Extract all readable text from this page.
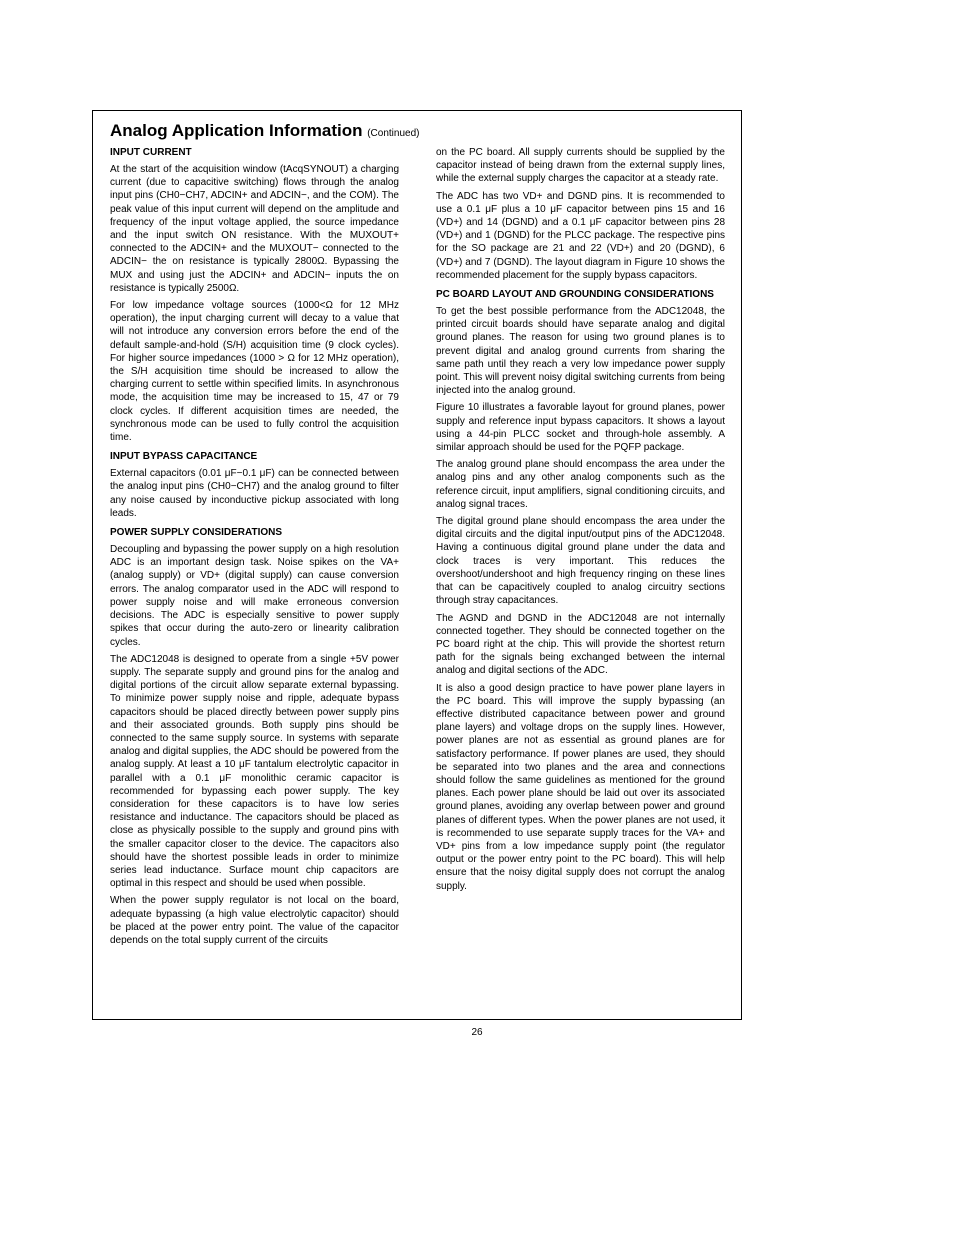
Analog Application Information (Continued)
INPUT CURRENT

At the start of the acquisition window (tAcqSYNOUT) a charging current (due to capacitive switching) flows through the analog input pins (CH0−CH7, ADCIN+ and ADCIN−, and the COM). The peak value of this input current will depend on the amplitude and frequency of the input voltage applied, the source impedance and the input switch ON resistance. With the MUXOUT+ connected to the ADCIN+ and the MUXOUT− connected to the ADCIN− the on resistance is typically 2800Ω. Bypassing the MUX and using just the ADCIN+ and ADCIN− inputs the on resistance is typically 2500Ω.

For low impedance voltage sources (1000<Ω for 12 MHz operation), the input charging current will decay to a value that will not introduce any conversion errors before the end of the default sample-and-hold (S/H) acquisition time (9 clock cycles). For higher source impedances (1000 > Ω for 12 MHz operation), the S/H acquisition time should be increased to allow the charging current to settle within specified limits. In asynchronous mode, the acquisition time may be increased to 15, 47 or 79 clock cycles. If different acquisition times are needed, the synchronous mode can be used to fully control the acquisition time.

INPUT BYPASS CAPACITANCE

External capacitors (0.01 μF−0.1 μF) can be connected between the analog input pins (CH0−CH7) and the analog ground to filter any noise caused by inconductive pickup associated with long leads.

POWER SUPPLY CONSIDERATIONS

Decoupling and bypassing the power supply on a high resolution ADC is an important design task. Noise spikes on the VA+ (analog supply) or VD+ (digital supply) can cause conversion errors. The analog comparator used in the ADC will respond to power supply noise and will make erroneous conversion decisions. The ADC is especially sensitive to power supply spikes that occur during the auto-zero or linearity calibration cycles.

The ADC12048 is designed to operate from a single +5V power supply. The separate supply and ground pins for the analog and digital portions of the circuit allow separate external bypassing. To minimize power supply noise and ripple, adequate bypass capacitors should be placed directly between power supply pins and their associated grounds. Both supply pins should be connected to the same supply source. In systems with separate analog and digital supplies, the ADC should be powered from the analog supply. At least a 10 μF tantalum electrolytic capacitor in parallel with a 0.1 μF monolithic ceramic capacitor is recommended for bypassing each power supply. The key consideration for these capacitors is to have low series resistance and inductance. The capacitors should be placed as close as physically possible to the supply and ground pins with the smaller capacitor closer to the device. The capacitors also should have the shortest possible leads in order to minimize series lead inductance. Surface mount chip capacitors are optimal in this respect and should be used when possible.

When the power supply regulator is not local on the board, adequate bypassing (a high value electrolytic capacitor) should be placed at the power entry point. The value of the capacitor depends on the total supply current of the circuits

on the PC board. All supply currents should be supplied by the capacitor instead of being drawn from the external supply lines, while the external supply charges the capacitor at a steady rate.

The ADC has two VD+ and DGND pins. It is recommended to use a 0.1 μF plus a 10 μF capacitor between pins 15 and 16 (VD+) and 14 (DGND) and a 0.1 μF capacitor between pins 28 (VD+) and 1 (DGND) for the PLCC package. The respective pins for the SO package are 21 and 22 (VD+) and 20 (DGND), 6 (VD+) and 7 (DGND). The layout diagram in Figure 10 shows the recommended placement for the supply bypass capacitors.

PC BOARD LAYOUT AND GROUNDING CONSIDERATIONS

To get the best possible performance from the ADC12048, the printed circuit boards should have separate analog and digital ground planes. The reason for using two ground planes is to prevent digital and analog ground currents from sharing the same path until they reach a very low impedance power supply point. This will prevent noisy digital switching currents from being injected into the analog ground.

Figure 10 illustrates a favorable layout for ground planes, power supply and reference input bypass capacitors. It shows a layout using a 44-pin PLCC socket and through-hole assembly. A similar approach should be used for the PQFP package.

The analog ground plane should encompass the area under the analog pins and any other analog components such as the reference circuit, input amplifiers, signal conditioning circuits, and analog signal traces.

The digital ground plane should encompass the area under the digital circuits and the digital input/output pins of the ADC12048. Having a continuous digital ground plane under the data and clock traces is very important. This reduces the overshoot/undershoot and high frequency ringing on these lines that can be capacitively coupled to analog circuitry sections through stray capacitances.

The AGND and DGND in the ADC12048 are not internally connected together. They should be connected together on the PC board right at the chip. This will provide the shortest return path for the signals being exchanged between the internal analog and digital sections of the ADC.

It is also a good design practice to have power plane layers in the PC board. This will improve the supply bypassing (an effective distributed capacitance between power and ground plane layers) and voltage drops on the supply lines. However, power planes are not as essential as ground planes are for satisfactory performance. If power planes are used, they should be separated into two planes and the area and connections should follow the same guidelines as mentioned for the ground planes. Each power plane should be laid out over its associated ground planes, avoiding any overlap between power and ground planes of different types. When the power planes are not used, it is recommended to use separate supply traces for the VA+ and VD+ pins from a low impedance supply point (the regulator output or the power entry point to the PC board). This will help ensure that the noisy digital supply does not corrupt the analog supply.

26
